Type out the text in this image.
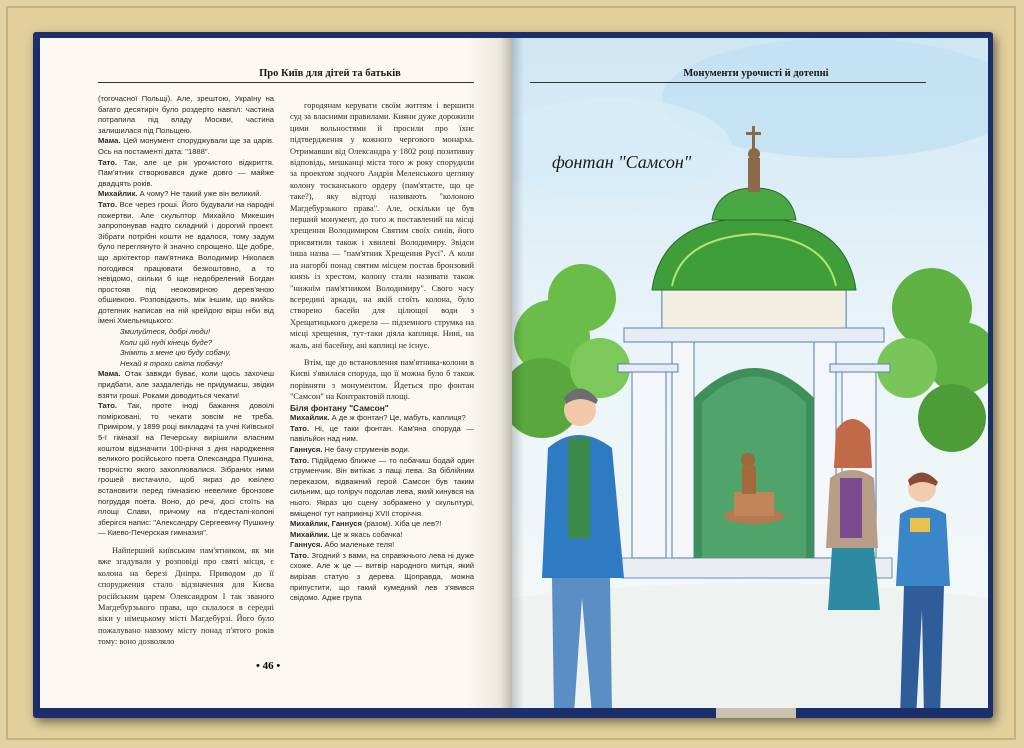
Про Київ для дітей та батьків

(тогочасної Польщі). Але, зрештою, Україну на багато десятиріч було роздерто навпіл: частина потрапила під владу Москви, частина залишилася під Польщею.

Мама. Цей монумент споруджували ще за царів. Ось на постаменті дата: "1888".

Тато. Так, але це рік урочистого відкриття. Пам'ятник створювався дуже довго — майже двадцять років.

Михайлик. А чому? Не такий уже він великий.

Тато. Все через гроші. Його будували на народні пожертви. Але скульптор Михайло Микешин запропонував надто складний і дорогий проект. Зібрати потрібні кошти не вдалося, тому задум було переглянуто й значно спрощено. Ще добре, що архітектор пам'ятника Володимир Ніколаєв погодився працювати безкоштовно, а то невідомо, скільки б іще недобрелений Богдан простояв під неоковирною дерев'яною обшивкою. Розповідають, між іншим, що якийсь дотепник написав на ній крейдою вірш ніби від імені Хмельницького:

Змилуйтеся, добрі люди!

Коли цій нуді кінець буде?

Зніміть з мене цю буду собачу,

Нехай я трохи світа побачу!

Мама. Отак завжди буває, коли щось захочеш придбати, але заздалегідь не придумаєш, звідки взяти гроші. Роками доводиться чекати!

Тато. Так, проте іноді бажання довоілі поміркованi, то чекати зовсім не треба. Приміром, у 1899 році викладачі та учні Київської 5-ї гімназії на Печерську вирішили власним коштом відзначити 100-річчя з дня народження великого російського поета Олександра Пушкіна, творчістю якого захоплювалися. Зібраних ними грошей вистачило, щоб якраз до ювілею встановити перед гімназією невелике бронзове погруддя поета. Воно, до речі, досі стоїть на площі Слави, причому на п'єдесталі-колоні зберігся напис: "Александру Сергеевичу Пушкину — Киево-Печерская гимназия".

Найперший київським пам'ятником, як ми вже згадували у розповіді про святі місця, є колона на березі Дніпра. Приводом до її спорудження стало відзначення для Києва російським царем Олександром I так званого Магдебурзького права, що склалося в середні віки у німецькому місті Магдебурзі. Його було пожалувано навзому місту понад п'ятого років тому: воно дозволяло

городянам керувати своїм життям і вершити суд за власними правилами. Кияни дуже дорожили цими вольностями й просили про їхнє підтвердження у кожного чергового монарха. Отримавши від Олександра у 1802 році позитивну відповідь, мешканці міста того ж року спорудили за проектом зодчого Андрія Меленського цегляну колону тосканського ордеру (пам'ятаєте, що це таке?), яку відтоді називають "колоною Магдебурзького права". Але, оскільки це був перший монумент, до того ж поставлений на місці хрещення Володимиром Святим своїх синів, його присвятили також і хвилеві Володимиру. Звідси інша назва — "пам'ятник Хрещення Русі". А коли на нагорбі понад святим місцем постав бронзовий князь із хрестом, колону стали називати також "нижнім пам'ятником Володимиру". Свого часу всередині аркади, на якій стоїть колона, було створено басейн для цілющої води з Хрещатицького джерела — підземного струмка на місці хрещення, тут-таки діяла каплиця. Нині, на жаль, ані басейну, ані каплиці не існує.

Втім, ще до встановлення пам'ятника-колони в Києві з'явилася споруда, що її можна було б також порівняти з монументом. Йдеться про фонтан "Самсон" на Контрактовій площі.

Біля фонтану "Самсон"

Михайлик. А де ж фонтан? Це, мабуть, каплиця?

Тато. Ні, це таки фонтан. Кам'яна споруда — павільйон над ним.

Ганнуся. Не бачу струменів води.

Тато. Підійдемо ближче — то побачиш бодай один струменчик. Він витікає з пащі лева. За біблійним переказом, відважний герой Самсон був таким сильним, що голіруч подолав лева, який кинувся на нього. Якраз цю сцену зображено у скульптурі, вміщеної тут наприкінці XVII сторіччя.

Михайлик, Ганнуся (разом). Хіба це лев?!

Михайлик. Це ж якась собачка!

Ганнуся. Або маленьке теля!

Тато. Згодний з вами, на справжнього лева ні дуже схоже. Але ж це — витвір народного митця, який вирізав статую з дерева. Щоправда, можна припустити, що такий кумедний лев з'явився свідомо. Адже група

• 46 •
Монументи урочисті й дотепні
фонтан "Самсон"
